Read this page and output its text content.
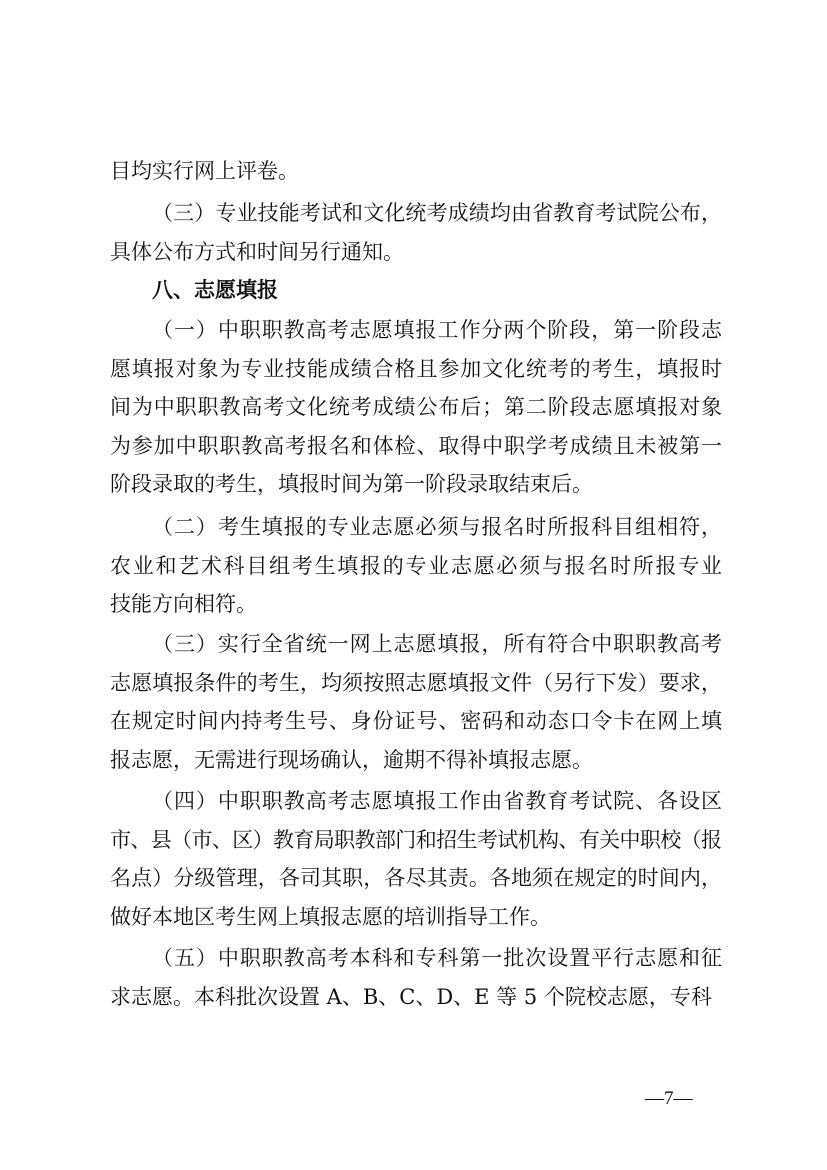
目均实行网上评卷。
（三）专业技能考试和文化统考成绩均由省教育考试院公布，
具体公布方式和时间另行通知。
八、志愿填报
（一）中职职教高考志愿填报工作分两个阶段，第一阶段志
愿填报对象为专业技能成绩合格且参加文化统考的考生，填报时
间为中职职教高考文化统考成绩公布后；第二阶段志愿填报对象
为参加中职职教高考报名和体检、取得中职学考成绩且未被第一
阶段录取的考生，填报时间为第一阶段录取结束后。
（二）考生填报的专业志愿必须与报名时所报科目组相符，
农业和艺术科目组考生填报的专业志愿必须与报名时所报专业
技能方向相符。
（三）实行全省统一网上志愿填报，所有符合中职职教高考
志愿填报条件的考生，均须按照志愿填报文件（另行下发）要求，
在规定时间内持考生号、身份证号、密码和动态口令卡在网上填
报志愿，无需进行现场确认，逾期不得补填报志愿。
（四）中职职教高考志愿填报工作由省教育考试院、各设区
市、县（市、区）教育局职教部门和招生考试机构、有关中职校（报
名点）分级管理，各司其职，各尽其责。各地须在规定的时间内，
做好本地区考生网上填报志愿的培训指导工作。
（五）中职职教高考本科和专科第一批次设置平行志愿和征
求志愿。本科批次设置 A、B、C、D、E 等 5 个院校志愿，专科
—7—
